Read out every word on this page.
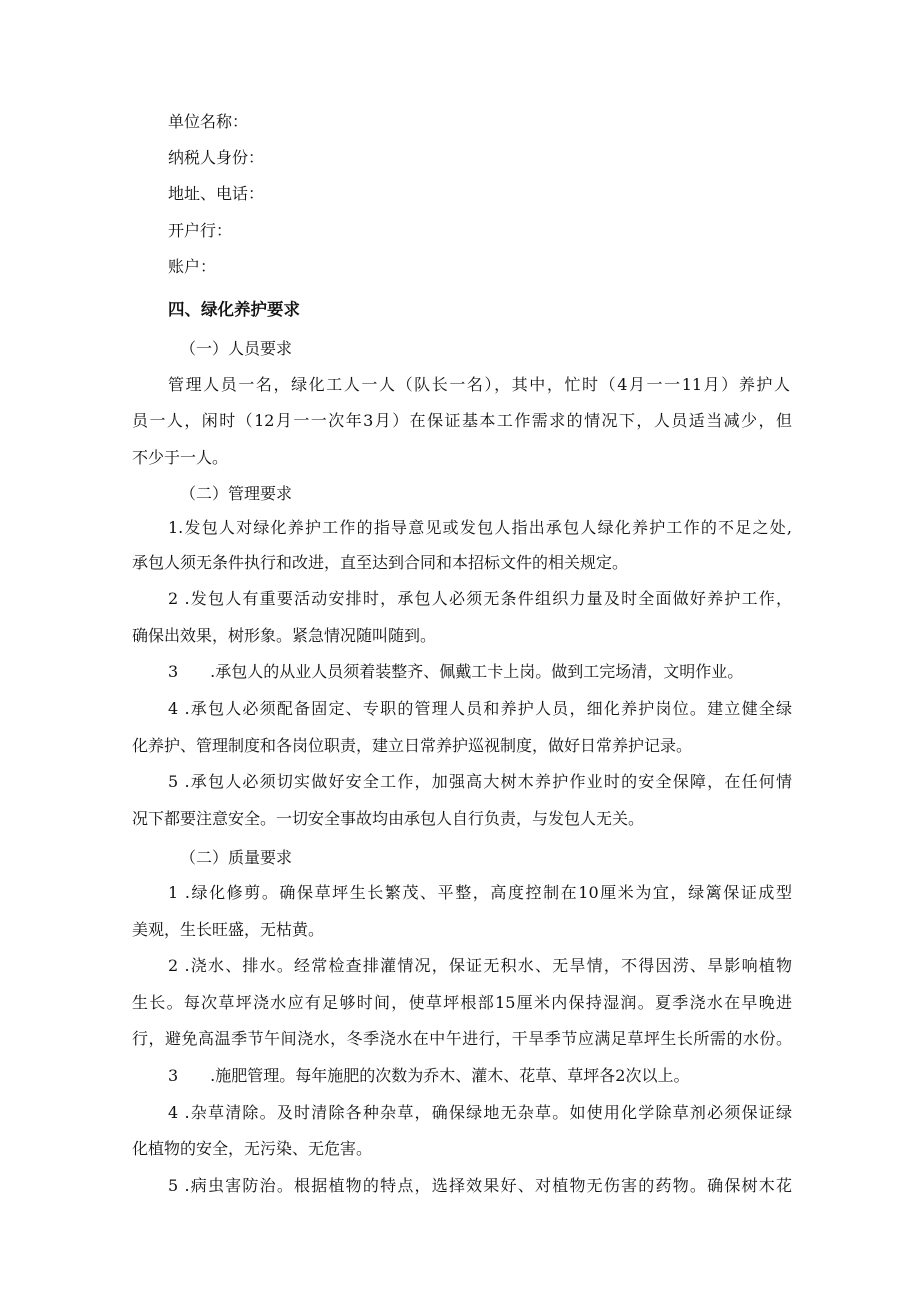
单位名称：

纳税人身份：

地址、电话：

开户行：

账户：

四、绿化养护要求

（一）人员要求

管理人员一名，绿化工人一人（队长一名），其中，忙时（4月一一11月）养护人

员一人，闲时（12月一一次年3月）在保证基本工作需求的情况下，人员适当减少，但

不少于一人。

（二）管理要求

1.发包人对绿化养护工作的指导意见或发包人指出承包人绿化养护工作的不足之处,

承包人须无条件执行和改进，直至达到合同和本招标文件的相关规定。

2 .发包人有重要活动安排时，承包人必须无条件组织力量及时全面做好养护工作，

确保出效果，树形象。紧急情况随叫随到。

3　　.承包人的从业人员须着装整齐、佩戴工卡上岗。做到工完场清，文明作业。

4 .承包人必须配备固定、专职的管理人员和养护人员，细化养护岗位。建立健全绿

化养护、管理制度和各岗位职责，建立日常养护巡视制度，做好日常养护记录。

5 .承包人必须切实做好安全工作，加强高大树木养护作业时的安全保障，在任何情

况下都要注意安全。一切安全事故均由承包人自行负责，与发包人无关。

（二）质量要求

1 .绿化修剪。确保草坪生长繁茂、平整，高度控制在10厘米为宜，绿篱保证成型

美观，生长旺盛，无枯黄。

2 .浇水、排水。经常检查排灌情况，保证无积水、无旱情，不得因涝、旱影响植物

生长。每次草坪浇水应有足够时间，使草坪根部15厘米内保持湿润。夏季浇水在早晚进

行，避免高温季节午间浇水，冬季浇水在中午进行，干旱季节应满足草坪生长所需的水份。

3　　.施肥管理。每年施肥的次数为乔木、灌木、花草、草坪各2次以上。

4 .杂草清除。及时清除各种杂草，确保绿地无杂草。如使用化学除草剂必须保证绿

化植物的安全，无污染、无危害。

5 .病虫害防治。根据植物的特点，选择效果好、对植物无伤害的药物。确保树木花
